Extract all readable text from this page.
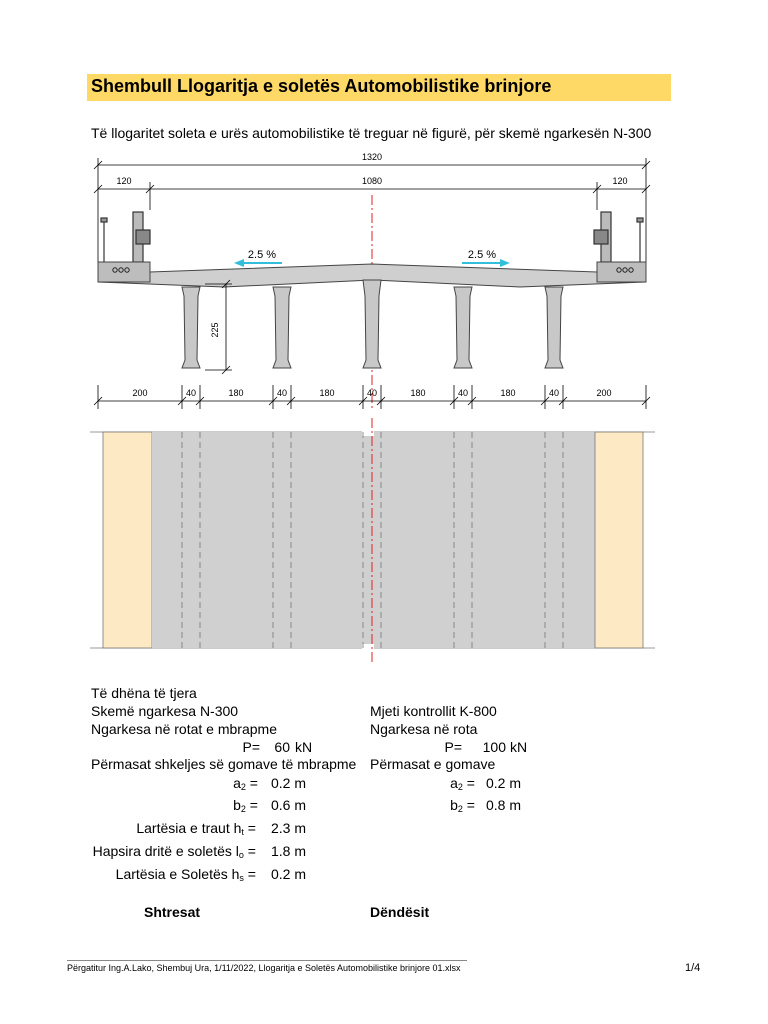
Shembull Llogaritja e soletës Automobilistike brinjore
Të llogaritet soleta e urës automobilistike të treguar në figurë, për skemë ngarkesën N-300
1320
120	1080	120
2.5 %	2.5 %
225
200	40	180	40	180	40	180	40	180	40	200
Të dhëna të tjera
Skemë ngarkesa N-300
Ngarkesa në rotat e mbrapme
P=	60 kN
Përmasat shkeljes së gomave të mbrapme
$a_2 = 0.2$ m
$b_2 = 0.6$ m
Mjeti kontrollit K-800
Ngarkesa në rota
P=	100 kN
Përmasat e gomave
$a_2 = 0.2$ m
$b_2 = 0.8$ m
Lartësia e traut $h_t = 2.3$ m
Hapsira dritë e soletës $l_o = 1.8$ m
Lartësia e Soletës $h_s = 0.2$ m
Shtresat	Dëndësit
Përgatitur Ing.A.Lako, Shembuj Ura, 1/11/2022, Llogaritja e Soletës Automobilistike brinjore 01.xlsx	1/4
